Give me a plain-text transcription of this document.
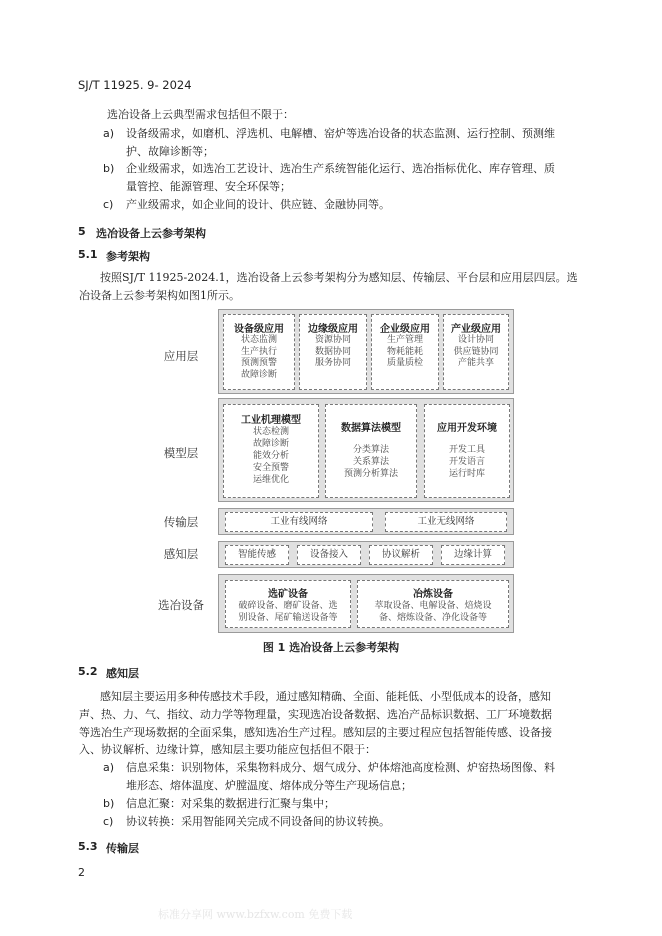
SJ/T 11925. 9- 2024
选冶设备上云典型需求包括但不限于：
a) 设备级需求，如磨机、浮选机、电解槽、窑炉等选冶设备的状态监测、运行控制、预测维
护、故障诊断等；
b) 企业级需求，如选冶工艺设计、选冶生产系统智能化运行、选冶指标优化、库存管理、质
量管控、能源管理、安全环保等；
c) 产业级需求，如企业间的设计、供应链、金融协同等。
5 选冶设备上云参考架构
5.1 参考架构
按照SJ/T 11925-2024.1，选冶设备上云参考架构分为感知层、传输层、平台层和应用层四层。选
冶设备上云参考架构如图1所示。
应用层
模型层
传输层
感知层
选冶设备
设备级应用
状态监测
生产执行
预测预警
故障诊断
边缘级应用
资源协同
数据协同
服务协同
企业级应用
生产管理
物耗能耗
质量质检
产业级应用
设计协同
供应链协同
产能共享
工业机理模型
状态检测
故障诊断
能效分析
安全预警
运维优化
数据算法模型
分类算法
关系算法
预测分析算法
应用开发环境
开发工具
开发语言
运行时库
工业有线网络	工业无线网络
智能传感	设备接入	协议解析	边缘计算
选矿设备
破碎设备、磨矿设备、选
别设备、尾矿输送设备等
冶炼设备
萃取设备、电解设备、焙烧设
备、熔炼设备、净化设备等
图 1 选冶设备上云参考架构
5.2 感知层
感知层主要运用多种传感技术手段，通过感知精确、全面、能耗低、小型低成本的设备，感知
声、热、力、气、指纹、动力学等物理量，实现选冶设备数据、选冶产品标识数据、工厂环境数据
等选冶生产现场数据的全面采集，感知选冶生产过程。感知层的主要过程应包括智能传感、设备接
入、协议解析、边缘计算，感知层主要功能应包括但不限于：
a) 信息采集：识别物体，采集物料成分、烟气成分、炉体熔池高度检测、炉窑热场图像、料
堆形态、熔体温度、炉膛温度、熔体成分等生产现场信息；
b) 信息汇聚：对采集的数据进行汇聚与集中；
c) 协议转换：采用智能网关完成不同设备间的协议转换。
5.3 传输层
2
标准分享网 www.bzfxw.com 免费下载
